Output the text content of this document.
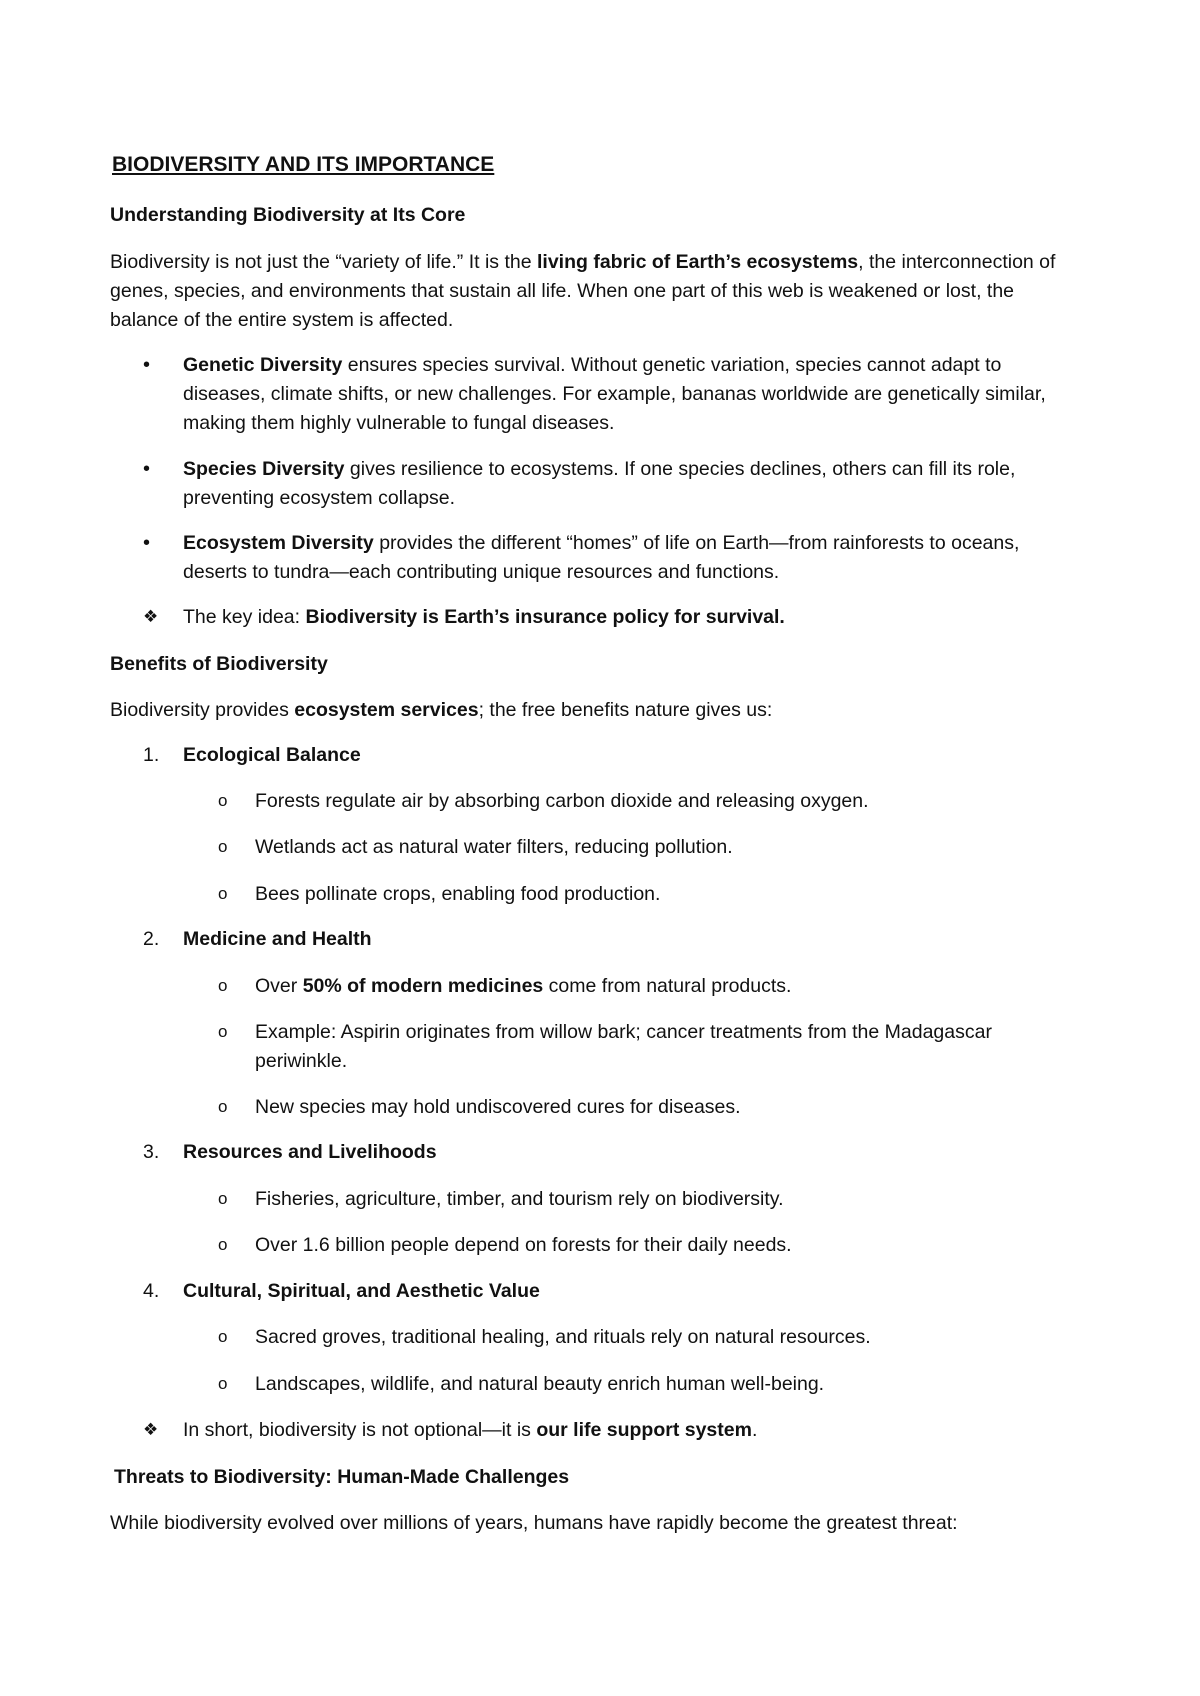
BIODIVERSITY AND ITS IMPORTANCE
Understanding Biodiversity at Its Core
Biodiversity is not just the “variety of life.” It is the living fabric of Earth’s ecosystems, the interconnection of
genes, species, and environments that sustain all life. When one part of this web is weakened or lost, the
balance of the entire system is affected.
• Genetic Diversity ensures species survival. Without genetic variation, species cannot adapt to
diseases, climate shifts, or new challenges. For example, bananas worldwide are genetically similar,
making them highly vulnerable to fungal diseases.
• Species Diversity gives resilience to ecosystems. If one species declines, others can fill its role,
preventing ecosystem collapse.
• Ecosystem Diversity provides the different “homes” of life on Earth—from rainforests to oceans,
deserts to tundra—each contributing unique resources and functions.
❖ The key idea: Biodiversity is Earth’s insurance policy for survival.
Benefits of Biodiversity
Biodiversity provides ecosystem services; the free benefits nature gives us:
1. Ecological Balance
o Forests regulate air by absorbing carbon dioxide and releasing oxygen.
o Wetlands act as natural water filters, reducing pollution.
o Bees pollinate crops, enabling food production.
2. Medicine and Health
o Over 50% of modern medicines come from natural products.
o Example: Aspirin originates from willow bark; cancer treatments from the Madagascar
periwinkle.
o New species may hold undiscovered cures for diseases.
3. Resources and Livelihoods
o Fisheries, agriculture, timber, and tourism rely on biodiversity.
o Over 1.6 billion people depend on forests for their daily needs.
4. Cultural, Spiritual, and Aesthetic Value
o Sacred groves, traditional healing, and rituals rely on natural resources.
o Landscapes, wildlife, and natural beauty enrich human well-being.
❖ In short, biodiversity is not optional—it is our life support system.
Threats to Biodiversity: Human-Made Challenges
While biodiversity evolved over millions of years, humans have rapidly become the greatest threat:
